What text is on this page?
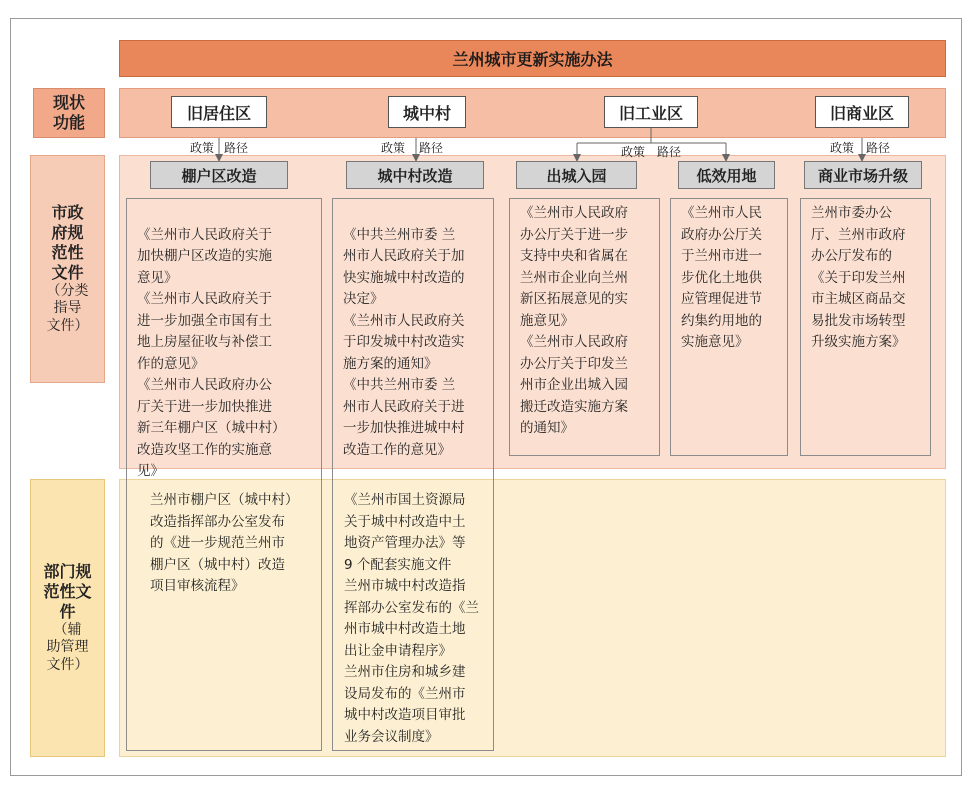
兰州城市更新实施办法
现状
功能
市政
府规
范性
文件
（分类
指导
文件）
部门规
范性文
件
（辅
助管理
文件）
旧居住区	城中村	旧工业区	旧商业区
政策 路径	政策 路径	政策 路径	政策 路径
棚户区改造	城中村改造	出城入园	低效用地	商业市场升级

《兰州市人民政府关于
加快棚户区改造的实施
意见》
《兰州市人民政府关于
进一步加强全市国有土
地上房屋征收与补偿工
作的意见》
《兰州市人民政府办公
厅关于进一步加快推进
新三年棚户区（城中村）
改造攻坚工作的实施意
见》

《中共兰州市委 兰
州市人民政府关于加
快实施城中村改造的
决定》
《兰州市人民政府关
于印发城中村改造实
施方案的通知》
《中共兰州市委 兰
州市人民政府关于进
一步加快推进城中村
改造工作的意见》

《兰州市人民政府
办公厅关于进一步
支持中央和省属在
兰州市企业向兰州
新区拓展意见的实
施意见》
《兰州市人民政府
办公厅关于印发兰
州市企业出城入园
搬迁改造实施方案
的通知》
《兰州市人民
政府办公厅关
于兰州市进一
步优化土地供
应管理促进节
约集约用地的
实施意见》
兰州市委办公
厅、兰州市政府
办公厅发布的
《关于印发兰州
市主城区商品交
易批发市场转型
升级实施方案》
兰州市棚户区（城中村）
改造指挥部办公室发布
的《进一步规范兰州市
棚户区（城中村）改造
项目审核流程》
《兰州市国土资源局
关于城中村改造中土
地资产管理办法》等
9 个配套实施文件
兰州市城中村改造指
挥部办公室发布的《兰
州市城中村改造土地
出让金申请程序》
兰州市住房和城乡建
设局发布的《兰州市
城中村改造项目审批
业务会议制度》
